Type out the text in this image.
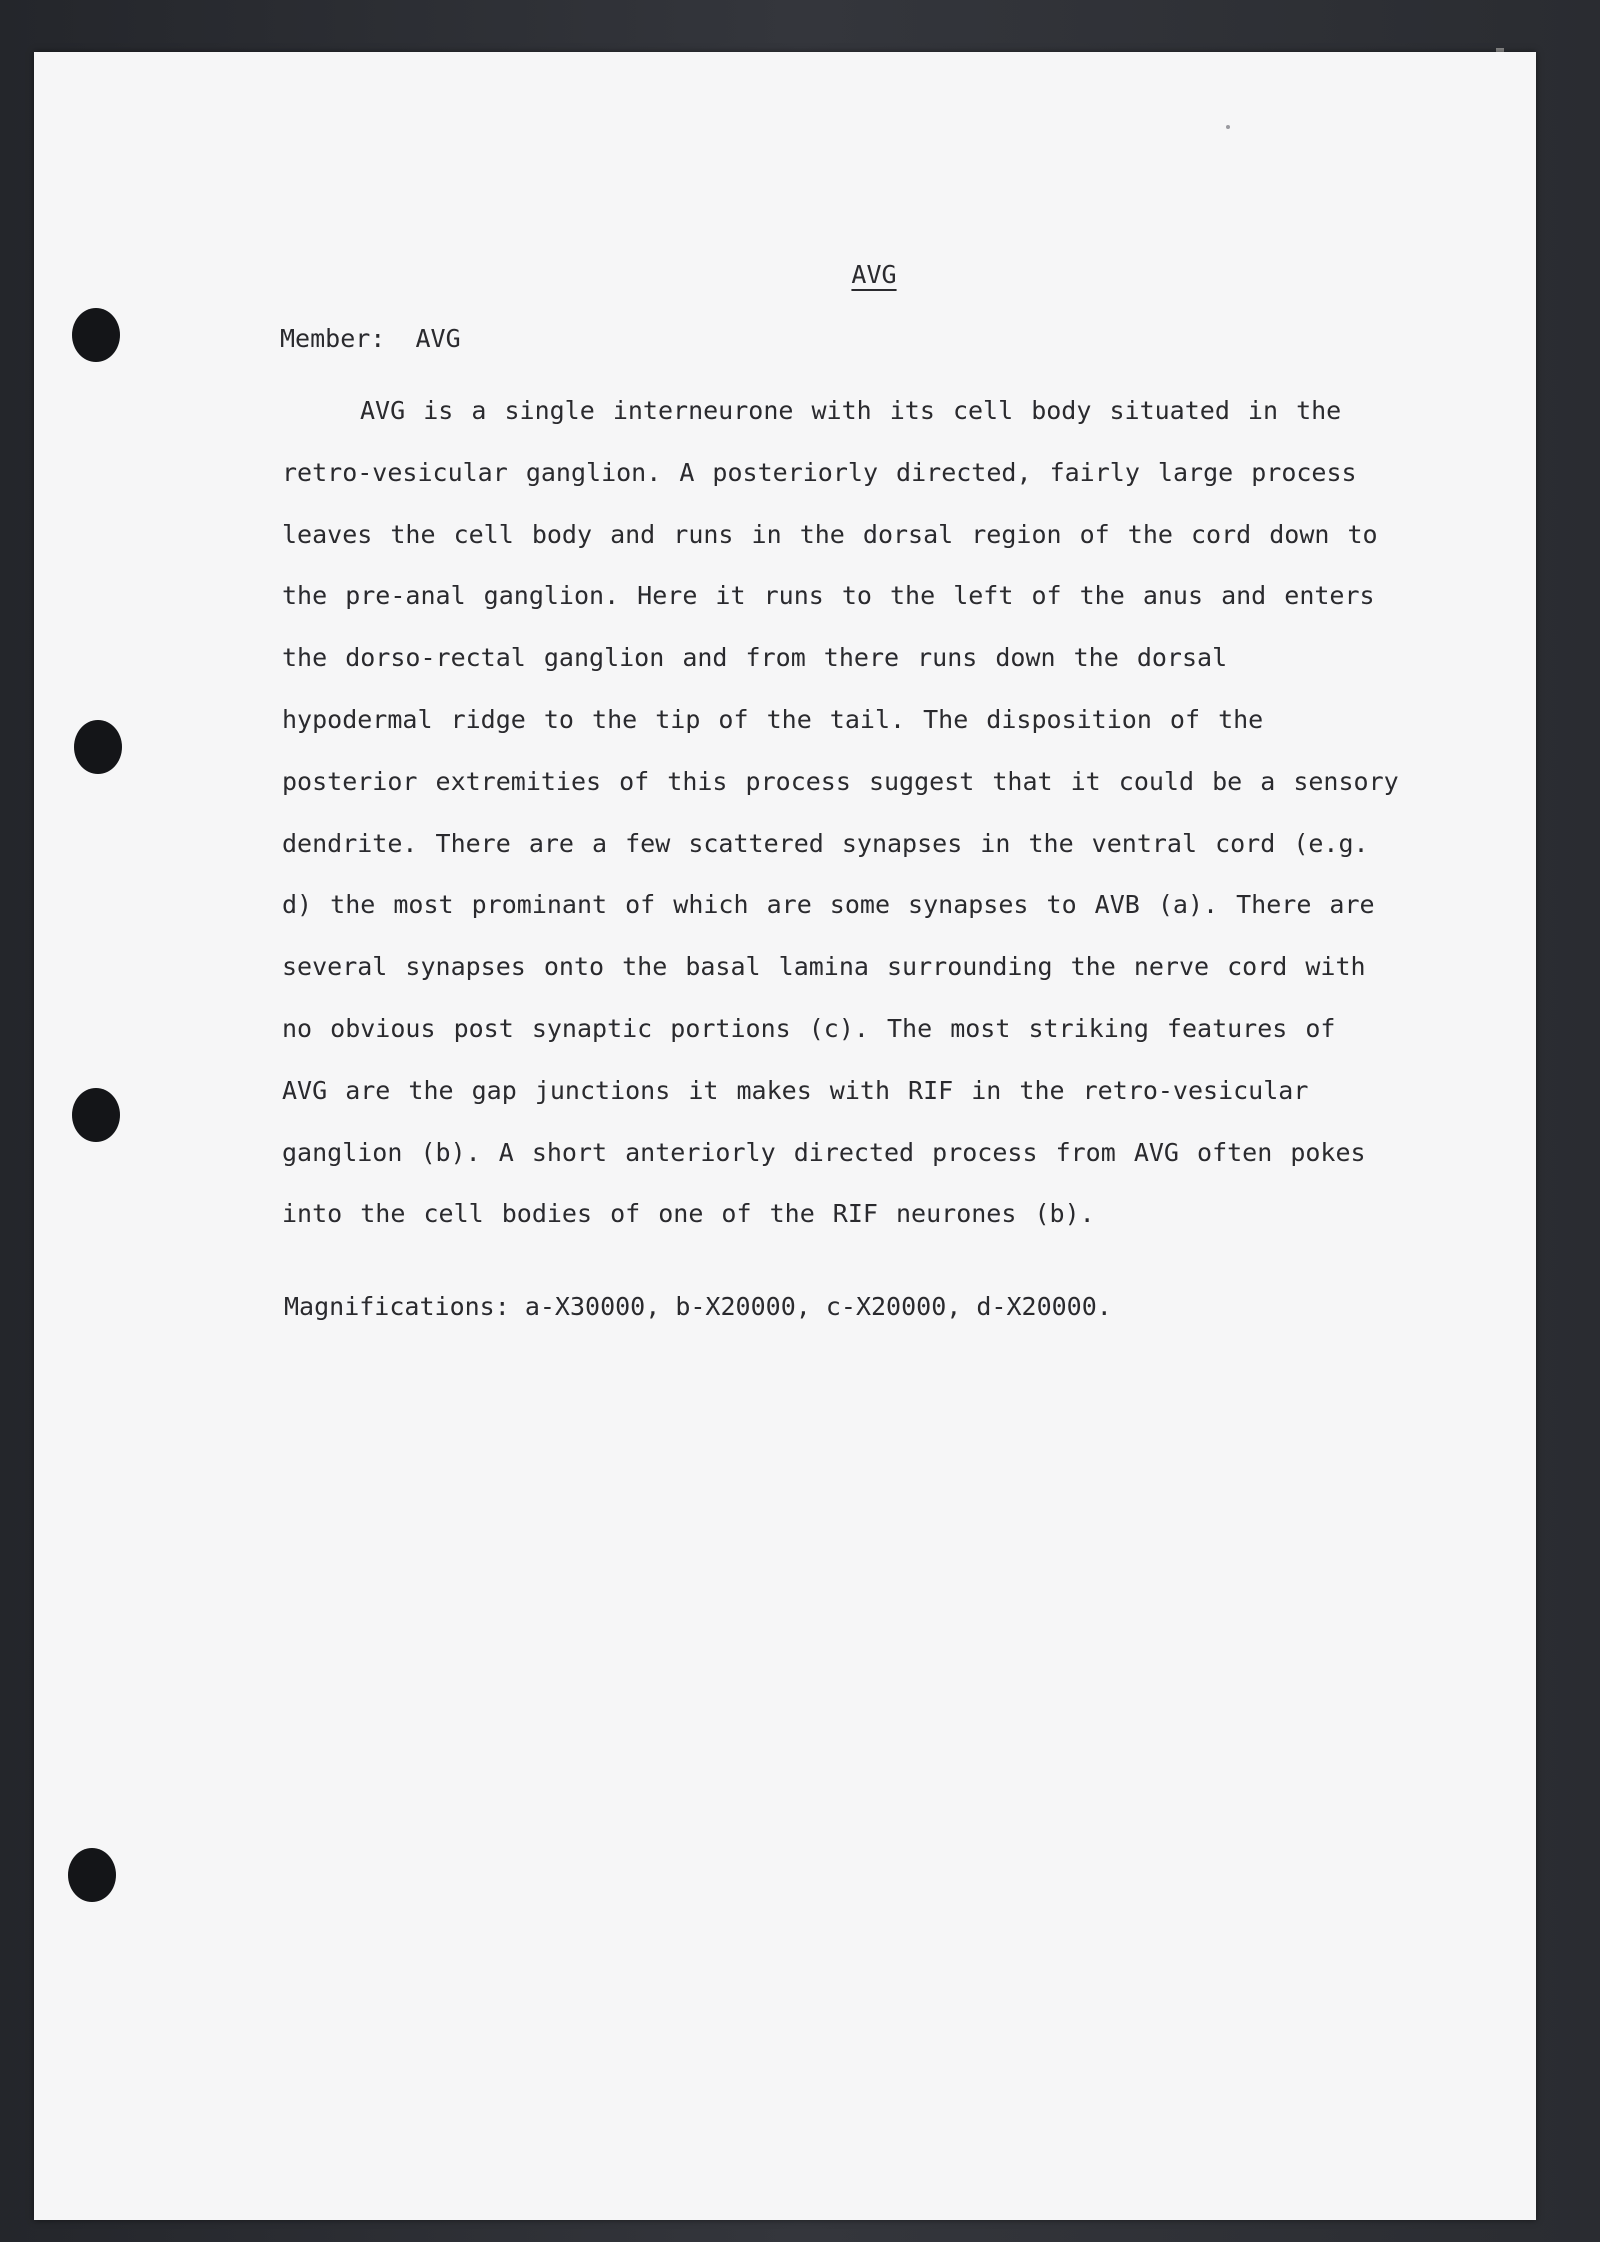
AVG
Member: AVG
AVG is a single interneurone with its cell body situated in the
retro-vesicular ganglion. A posteriorly directed, fairly large process
leaves the cell body and runs in the dorsal region of the cord down to
the pre-anal ganglion. Here it runs to the left of the anus and enters
the dorso-rectal ganglion and from there runs down the dorsal
hypodermal ridge to the tip of the tail. The disposition of the
posterior extremities of this process suggest that it could be a sensory
dendrite. There are a few scattered synapses in the ventral cord (e.g.
d) the most prominant of which are some synapses to AVB (a). There are
several synapses onto the basal lamina surrounding the nerve cord with
no obvious post synaptic portions (c). The most striking features of
AVG are the gap junctions it makes with RIF in the retro-vesicular
ganglion (b). A short anteriorly directed process from AVG often pokes
into the cell bodies of one of the RIF neurones (b).
Magnifications: a-X30000, b-X20000, c-X20000, d-X20000.
